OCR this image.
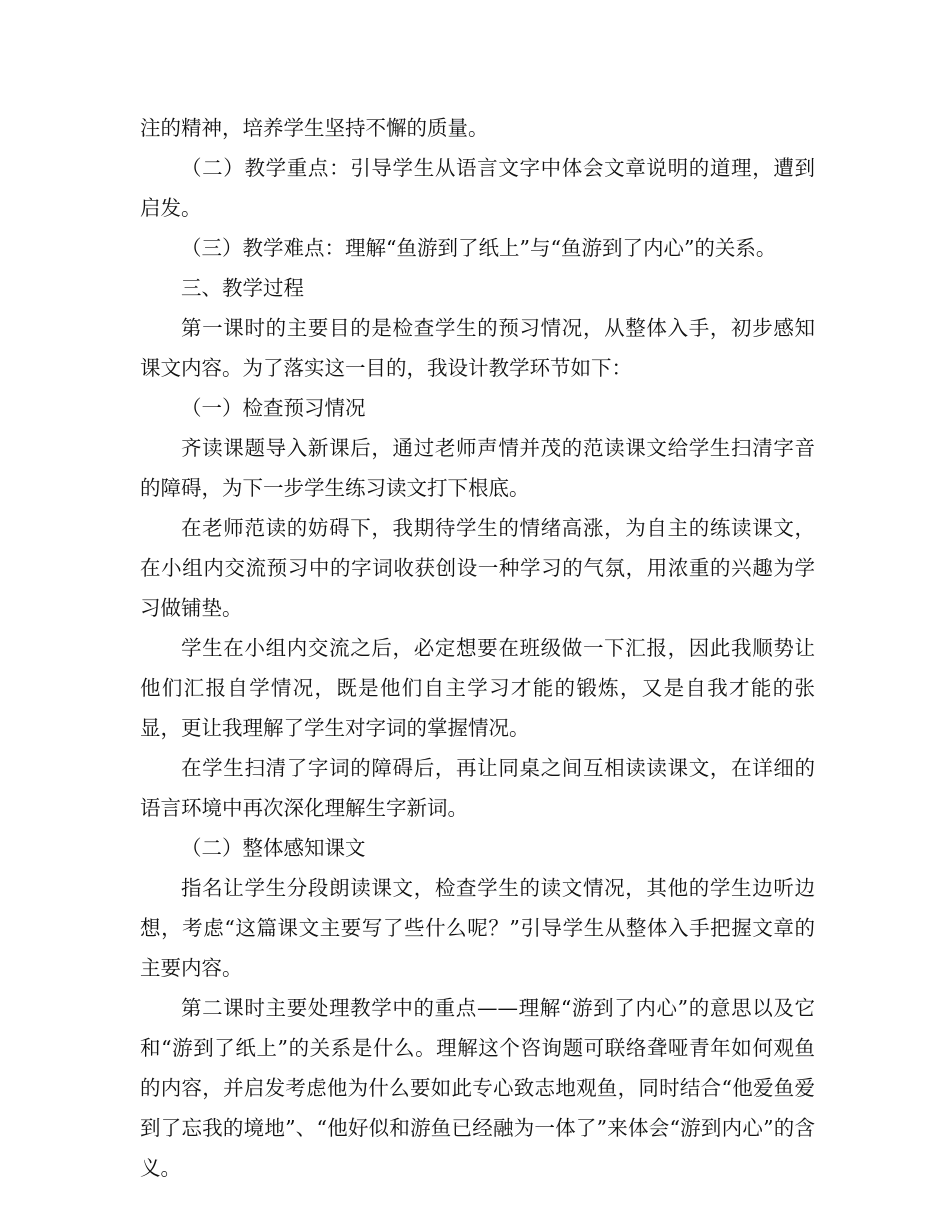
注的精神，培养学生坚持不懈的质量。

（二）教学重点：引导学生从语言文字中体会文章说明的道理，遭到启发。

（三）教学难点：理解“鱼游到了纸上”与“鱼游到了内心”的关系。

三、教学过程

第一课时的主要目的是检查学生的预习情况，从整体入手，初步感知课文内容。为了落实这一目的，我设计教学环节如下：

（一）检查预习情况

齐读课题导入新课后，通过老师声情并茂的范读课文给学生扫清字音的障碍，为下一步学生练习读文打下根底。

在老师范读的妨碍下，我期待学生的情绪高涨，为自主的练读课文，在小组内交流预习中的字词收获创设一种学习的气氛，用浓重的兴趣为学习做铺垫。

学生在小组内交流之后，必定想要在班级做一下汇报，因此我顺势让他们汇报自学情况，既是他们自主学习才能的锻炼，又是自我才能的张显，更让我理解了学生对字词的掌握情况。

在学生扫清了字词的障碍后，再让同桌之间互相读读课文，在详细的语言环境中再次深化理解生字新词。

（二）整体感知课文

指名让学生分段朗读课文，检查学生的读文情况，其他的学生边听边想，考虑“这篇课文主要写了些什么呢？”引导学生从整体入手把握文章的主要内容。

第二课时主要处理教学中的重点——理解“游到了内心”的意思以及它和“游到了纸上”的关系是什么。理解这个咨询题可联络聋哑青年如何观鱼的内容，并启发考虑他为什么要如此专心致志地观鱼，同时结合“他爱鱼爱到了忘我的境地”、“他好似和游鱼已经融为一体了”来体会“游到内心”的含义。
